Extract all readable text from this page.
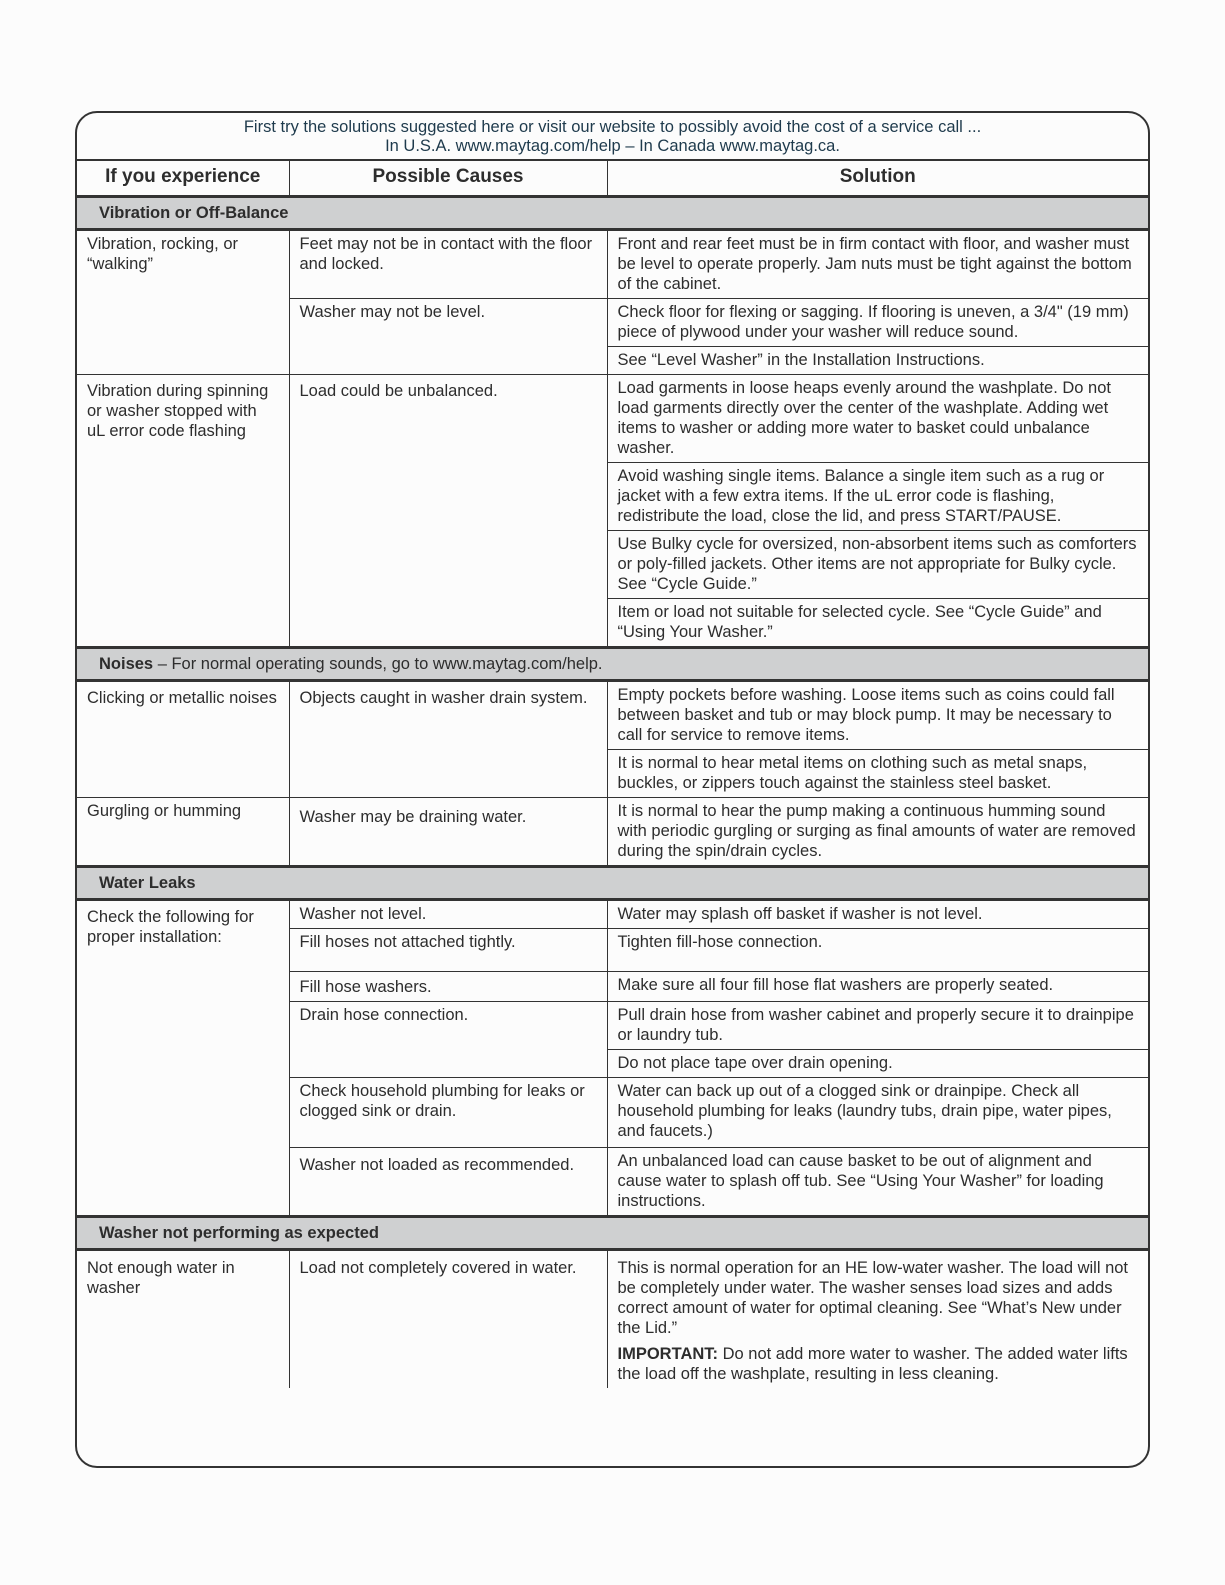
First try the solutions suggested here or visit our website to possibly avoid the cost of a service call ...
In U.S.A. www.maytag.com/help – In Canada www.maytag.ca.
If you experience	Possible Causes	Solution
Vibration or Off-Balance		
Vibration, rocking, or “walking”	Feet may not be in contact with the floor and locked.	Front and rear feet must be in firm contact with floor, and washer must be level to operate properly. Jam nuts must be tight against the bottom of the cabinet.
	Washer may not be level.	Check floor for flexing or sagging. If flooring is uneven, a 3/4" (19 mm) piece of plywood under your washer will reduce sound.
		See “Level Washer” in the Installation Instructions.
Vibration during spinning or washer stopped with uL error code flashing	Load could be unbalanced.	Load garments in loose heaps evenly around the washplate. Do not load garments directly over the center of the washplate. Adding wet items to washer or adding more water to basket could unbalance washer.
		Avoid washing single items. Balance a single item such as a rug or jacket with a few extra items. If the uL error code is flashing, redistribute the load, close the lid, and press START/PAUSE.
		Use Bulky cycle for oversized, non-absorbent items such as comforters or poly-filled jackets. Other items are not appropriate for Bulky cycle. See “Cycle Guide.”
		Item or load not suitable for selected cycle. See “Cycle Guide” and “Using Your Washer.”
Noises – For normal operating sounds, go to www.maytag.com/help.		
Clicking or metallic noises	Objects caught in washer drain system.	Empty pockets before washing. Loose items such as coins could fall between basket and tub or may block pump. It may be necessary to call for service to remove items.
		It is normal to hear metal items on clothing such as metal snaps, buckles, or zippers touch against the stainless steel basket.
Gurgling or humming	Washer may be draining water.	It is normal to hear the pump making a continuous humming sound with periodic gurgling or surging as final amounts of water are removed during the spin/drain cycles.
Water Leaks		
Check the following for proper installation:	Washer not level.	Water may splash off basket if washer is not level.
	Fill hoses not attached tightly.	Tighten fill-hose connection.
	Fill hose washers.	Make sure all four fill hose flat washers are properly seated.
	Drain hose connection.	Pull drain hose from washer cabinet and properly secure it to drainpipe or laundry tub.
		Do not place tape over drain opening.
	Check household plumbing for leaks or clogged sink or drain.	Water can back up out of a clogged sink or drainpipe. Check all household plumbing for leaks (laundry tubs, drain pipe, water pipes, and faucets.)
	Washer not loaded as recommended.	An unbalanced load can cause basket to be out of alignment and cause water to splash off tub. See “Using Your Washer” for loading instructions.
Washer not performing as expected		
Not enough water in washer	Load not completely covered in water.	This is normal operation for an HE low-water washer. The load will not be completely under water. The washer senses load sizes and adds correct amount of water for optimal cleaning. See “What’s New under the Lid.”
IMPORTANT: Do not add more water to washer. The added water lifts the load off the washplate, resulting in less cleaning.
